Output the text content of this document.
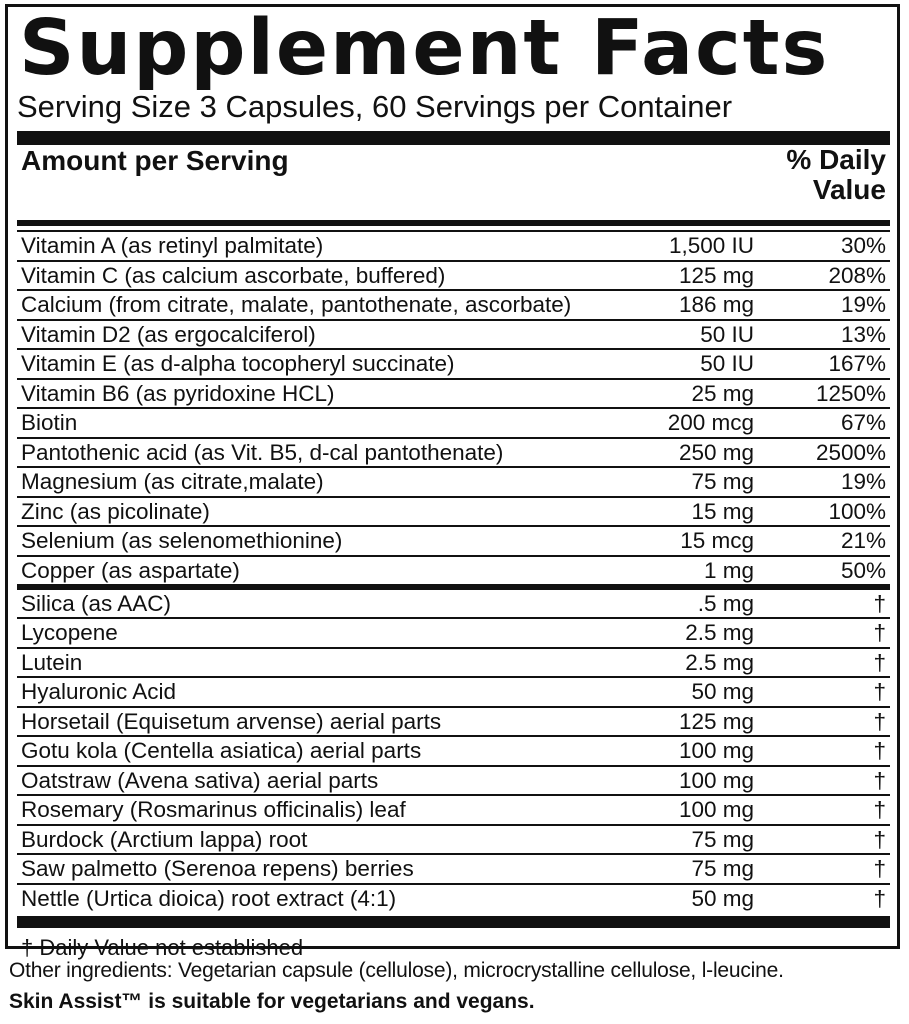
Supplement Facts
Serving Size 3 Capsules, 60 Servings per Container
Amount per Serving	% Daily
Value
Vitamin A (as retinyl palmitate)	1,500 IU	30%
Vitamin C (as calcium ascorbate, buffered)	125 mg	208%
Calcium (from citrate, malate, pantothenate, ascorbate)	186 mg	19%
Vitamin D2 (as ergocalciferol)	50 IU	13%
Vitamin E (as d-alpha tocopheryl succinate)	50 IU	167%
Vitamin B6 (as pyridoxine HCL)	25 mg	1250%
Biotin	200 mcg	67%
Pantothenic acid (as Vit. B5, d-cal pantothenate)	250 mg	2500%
Magnesium (as citrate,malate)	75 mg	19%
Zinc (as picolinate)	15 mg	100%
Selenium (as selenomethionine)	15 mcg	21%
Copper (as aspartate)	1 mg	50%
Silica (as AAC)	.5 mg	†
Lycopene	2.5 mg	†
Lutein	2.5 mg	†
Hyaluronic Acid	50 mg	†
Horsetail (Equisetum arvense) aerial parts	125 mg	†
Gotu kola (Centella asiatica) aerial parts	100 mg	†
Oatstraw (Avena sativa) aerial parts	100 mg	†
Rosemary (Rosmarinus officinalis) leaf	100 mg	†
Burdock (Arctium lappa) root	75 mg	†
Saw palmetto (Serenoa repens) berries	75 mg	†
Nettle (Urtica dioica) root extract (4:1)	50 mg	†
† Daily Value not established
Other ingredients: Vegetarian capsule (cellulose), microcrystalline cellulose, l-leucine.
Skin Assist™ is suitable for vegetarians and vegans.
